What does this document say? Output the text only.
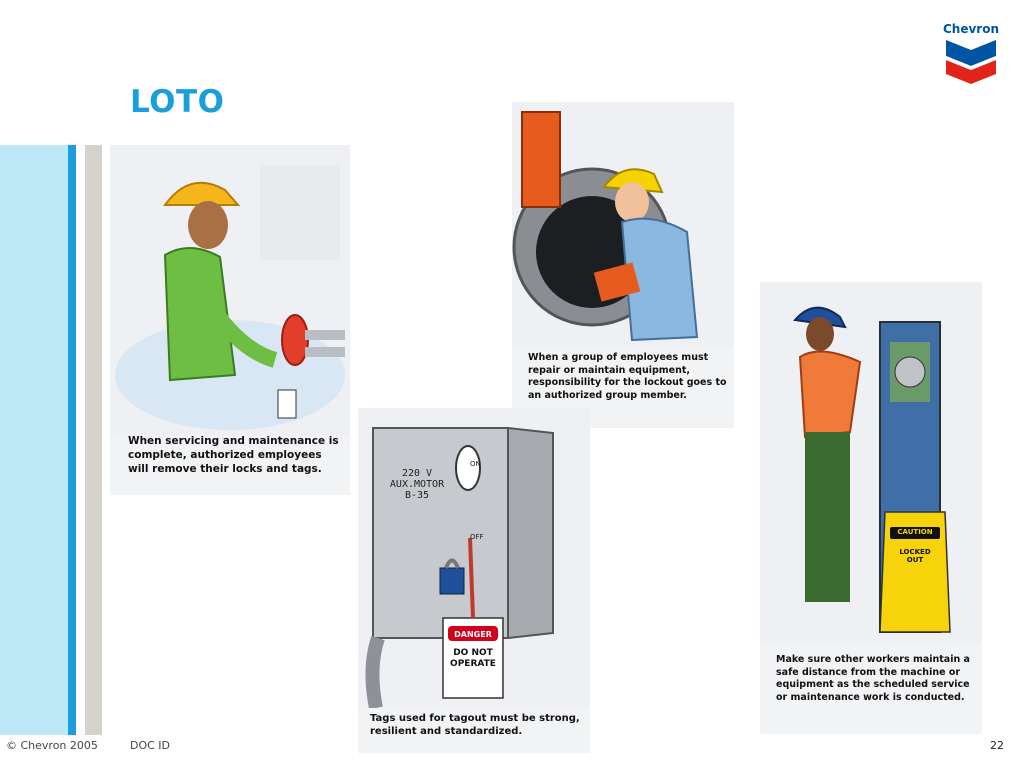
LOTO
Chevron
When servicing and maintenance is complete, authorized employees will remove their locks and tags.
When a group of employees must repair or maintain equipment, responsibility for the lockout goes to an authorized group member.
220 V AUX.MOTOR B-35
ON
OFF
DANGER
DO NOT OPERATE
Tags used for tagout must be strong, resilient and standardized.
CAUTION
LOCKED OUT
Make sure other workers maintain a safe distance from the machine or equipment as the scheduled service or maintenance work is conducted.
© Chevron 2005	DOC ID	22
